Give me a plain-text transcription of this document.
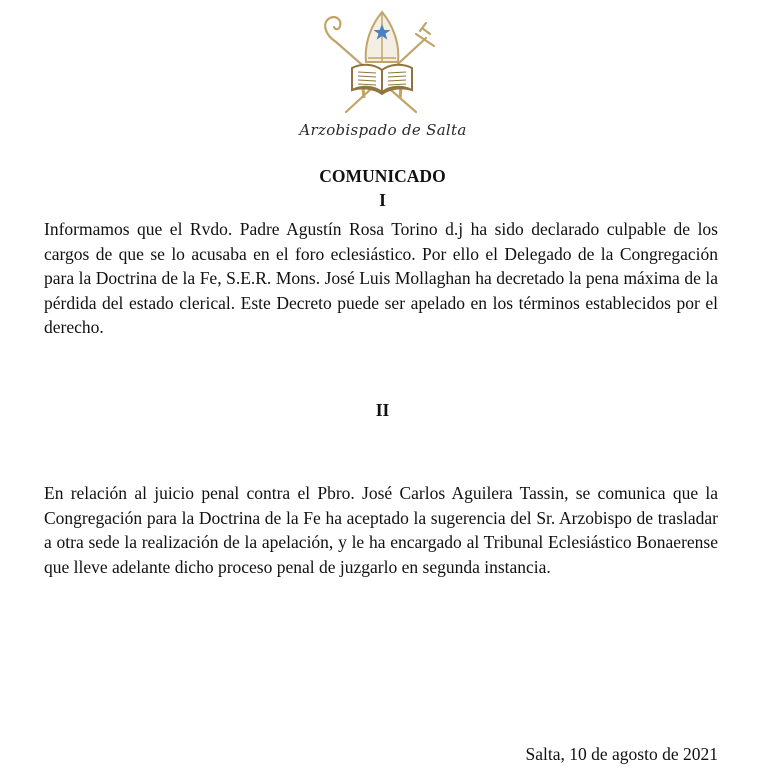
Arzobispado de Salta
COMUNICADO
I

Informamos que el Rvdo. Padre Agustín Rosa Torino d.j ha sido declarado culpable de los cargos de que se lo acusaba en el foro eclesiástico. Por ello el Delegado de la Congregación para la Doctrina de la Fe, S.E.R. Mons. José Luis Mollaghan ha decretado la pena máxima de la pérdida del estado clerical. Este Decreto puede ser apelado en los términos establecidos por el derecho.

II

En relación al juicio penal contra el Pbro. José Carlos Aguilera Tassin, se comunica que la Congregación para la Doctrina de la Fe ha aceptado la sugerencia del Sr. Arzobispo de trasladar a otra sede la realización de la apelación, y le ha encargado al Tribunal Eclesiástico Bonaerense que lleve adelante dicho proceso penal de juzgarlo en segunda instancia.

Salta, 10 de agosto de 2021
